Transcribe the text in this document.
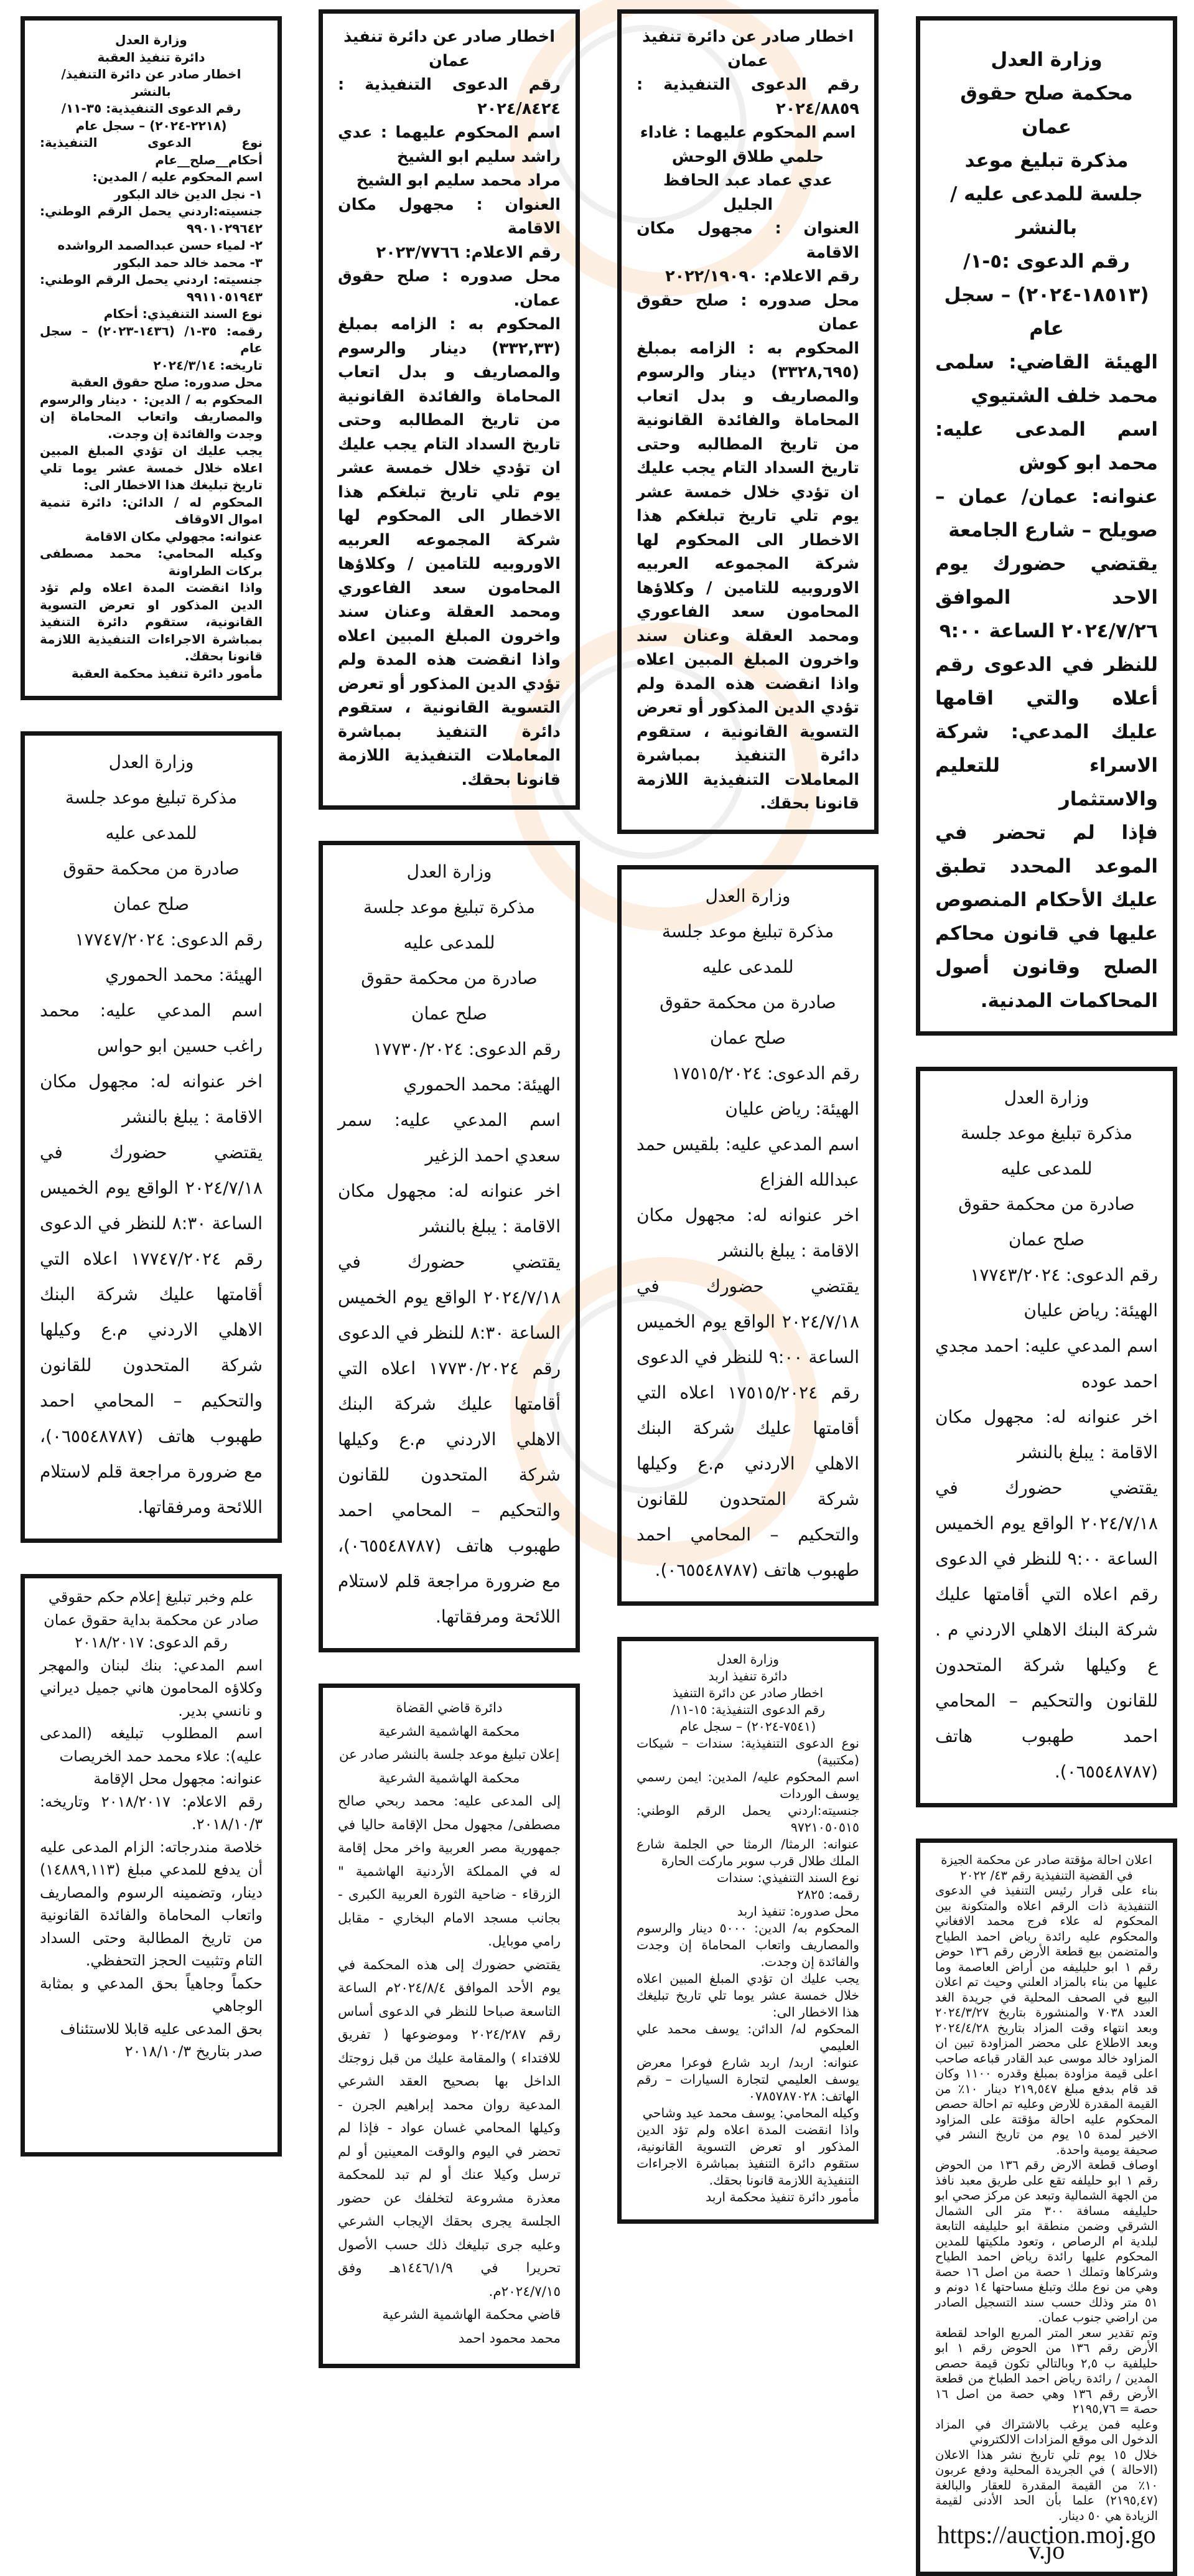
وزارة العدل

محكمة صلح حقوق عمان

مذكرة تبليغ موعد جلسة للمدعى عليه / بالنشر

رقم الدعوى :٥-١/ (١٨٥١٣-٢٠٢٤) – سجل عام

الهيئة القاضي: سلمى محمد خلف الشتيوي

اسم المدعى عليه: محمد ابو كوش

عنوانه: عمان/ عمان – صويلح – شارع الجامعة

يقتضي حضورك يوم الاحد الموافق ٢٠٢٤/٧/٢٦ الساعة ٩:٠٠

للنظر في الدعوى رقم أعلاه والتي اقامها عليك المدعي: شركة الاسراء للتعليم والاستثمار

فإذا لم تحضر في الموعد المحدد تطبق عليك الأحكام المنصوص عليها في قانون محاكم الصلح وقانون أصول المحاكمات المدنية.

وزارة العدل

مذكرة تبليغ موعد جلسة للمدعى عليه

صادرة من محكمة حقوق

صلح عمان

رقم الدعوى: ١٧٧٤٣/٢٠٢٤

الهيئة: رياض عليان

اسم المدعي عليه: احمد مجدي احمد عوده

اخر عنوانه له: مجهول مكان الاقامة : يبلغ بالنشر

يقتضي حضورك في ٢٠٢٤/٧/١٨ الواقع يوم الخميس الساعة ٩:٠٠ للنظر في الدعوى رقم اعلاه التي أقامتها عليك شركة البنك الاهلي الاردني م . ع وكيلها شركة المتحدون للقانون والتحكيم – المحامي احمد طهبوب هاتف (٠٦٥٥٤٨٧٨٧).

اعلان احالة مؤقتة صادر عن محكمة الجيزة في القضية التنفيذية رقم ٤٣/ ٢٠٢٢

بناء على قرار رئيس التنفيذ في الدعوى التنفيذية ذات الرقم اعلاه والمتكونة بين المحكوم له علاء فرج محمد الافغاني والمحكوم عليه رائدة رياض احمد الطياح والمتضمن بيع قطعة الأرض رقم ١٣٦ حوض رقم ١ ابو حليليفه من أراض العاصمة وما عليها من بناء بالمزاد العلني وحيث تم اعلان البيع في الصحف المحلية في جريدة الغد العدد ٧٠٣٨ والمنشورة بتاريخ ٢٠٢٤/٣/٢٧ وبعد انتهاء وقت المزاد بتاريخ ٢٠٢٤/٤/٢٨ وبعد الاطلاع على محضر المزاودة تبين ان المزاود خالد موسى عبد القادر قباعه صاحب اعلى قيمة مزاودة بمبلغ وقدره ١١٠٠ وكان قد قام بدفع مبلغ ٢١٩,٥٤٧ دينار ١٠٪ من القيمة المقدرة للارض وعليه تم احالة حصص المحكوم عليه احالة مؤقتة على المزاود الاخير لمدة ١٥ يوم من تاريخ النشر في صحيفة يومية واحدة.

اوصاف قطعة الارض رقم ١٣٦ من الحوض رقم ١ ابو حليلفه تقع على طريق معبد نافذ من الجهة الشمالية وتبعد عن مركز صحي ابو حليليفه مسافة ٣٠٠ متر الى الشمال الشرقي وضمن منطقة ابو حليليفه التابعة لبلدية ام الرصاص ، وتعود ملكيتها للمدين المحكوم عليها رائدة رياض احمد الطياح وشركاها وتملك ١ حصة من اصل ١٦ حصة وهي من نوع ملك وتبلغ مساحتها ١٤ دونم و ٥١ متر وذلك حسب سند التسجيل الصادر من اراضي جنوب عمان.

وتم تقدير سعر المتر المربع الواحد لقطعة الأرض رقم ١٣٦ من الحوض رقم ١ ابو حليلفية ب ٢,٥ وبالتالي تكون قيمة حصص المدين / رائدة رياض احمد الطباخ من قطعة الأرض رقم ١٣٦ وهي حصة من اصل ١٦ حصة = ٢١٩٥,٧٦

وعليه فمن يرغب بالاشتراك في المزاد الدخول الى موقع المزادات الالكتروني

خلال ١٥ يوم تلي تاريخ نشر هذا الاعلان (الاحالة ) في الجريدة المحلية ودفع عربون ١٠٪ من القيمة المقدرة للعقار والبالغة (٢١٩٥,٤٧) علما بأن الحد الأدنى لقيمة الزيادة هي ٥٠ دينار.

https://auction.moj.gov.jo

اخطار صادر عن دائرة تنفيذ عمان

رقم الدعوى التنفيذية : ٢٠٢٤/٨٨٥٩

اسم المحكوم عليهما : غاداء حلمي طلاق الوحش

عدي عماد عبد الحافظ الجليل

العنوان : مجهول مكان الاقامة

رقم الاعلام: ٢٠٢٢/١٩٠٩٠

محل صدوره : صلح حقوق عمان

المحكوم به : الزامه بمبلغ (٣٣٢٨,٦٩٥) دينار والرسوم والمصاريف و بدل اتعاب المحاماة والفائدة القانونية من تاريخ المطالبه وحتى تاريخ السداد التام يجب عليك ان تؤدي خلال خمسة عشر يوم تلي تاريخ تبلغكم هذا الاخطار الى المحكوم لها شركة المجموعه العربيه الاوروبيه للتامين / وكلاؤها المحامون سعد الفاعوري ومحمد العقلة وعنان سند واخرون المبلغ المبين اعلاه واذا انقضت هذه المدة ولم تؤدي الدين المذكور أو تعرض التسوية القانونية ، ستقوم دائرة التنفيذ بمباشرة المعاملات التنفيذية اللازمة قانونا بحقك.

وزارة العدل

مذكرة تبليغ موعد جلسة للمدعى عليه

صادرة من محكمة حقوق

صلح عمان

رقم الدعوى: ١٧٥١٥/٢٠٢٤

الهيئة: رياض عليان

اسم المدعي عليه: بلقيس حمد عبدالله الفزاع

اخر عنوانه له: مجهول مكان الاقامة : يبلغ بالنشر

يقتضي حضورك في ٢٠٢٤/٧/١٨ الواقع يوم الخميس الساعة ٩:٠٠ للنظر في الدعوى رقم ١٧٥١٥/٢٠٢٤ اعلاه التي أقامتها عليك شركة البنك الاهلي الاردني م.ع وكيلها شركة المتحدون للقانون والتحكيم – المحامي احمد طهبوب هاتف (٠٦٥٥٤٨٧٨٧).

وزارة العدل

دائرة تنفيذ اربد

اخطار صادر عن دائرة التنفيذ

رقم الدعوى التنفيذية: ١٥-١١/ (٧٥٤١-٢٠٢٤) – سجل عام

نوع الدعوى التنفيذية: سندات – شيكات (مكتبية)

اسم المحكوم عليه/ المدين: ايمن رسمي يوسف الوردات

جنسيته:اردني يحمل الرقم الوطني: ٩٧٢١٠٥٠٥١٥

عنوانه: الرمثا/ الرمثا حي الجلمة شارع الملك طلال قرب سوبر ماركت الحارة

نوع السند التنفيذي: سندات

رقمه: ٢٨٢٥

محل صدوره: تنفيذ اربد

المحكوم به/ الدين: ٥٠٠٠ دينار والرسوم والمصاريف واتعاب المحاماة إن وجدت والفائدة إن وجدت.

يجب عليك ان تؤدي المبلغ المبين اعلاه خلال خمسة عشر يوما تلي تاريخ تبليغك هذا الاخطار الى:

المحكوم له/ الدائن: يوسف محمد علي العليمي

عنوانه: اربد/ اربد شارع فوعرا معرض يوسف العليمي لتجارة السيارات – رقم الهاتف: ٠٧٨٥٧٨٧٠٢٨

وكيله المحامي: يوسف محمد عيد وشاحي

واذا انقضت المدة اعلاه ولم تؤد الدين المذكور او تعرض التسوية القانونية، ستقوم دائرة التنفيذ بمباشرة الاجراءات التنفيذية اللازمة قانونا بحقك.

مأمور دائرة تنفيذ محكمة اربد

اخطار صادر عن دائرة تنفيذ عمان

رقم الدعوى التنفيذية : ٢٠٢٤/٨٤٢٤

اسم المحكوم عليهما : عدي راشد سليم ابو الشيخ

مراد محمد سليم ابو الشيخ

العنوان : مجهول مكان الاقامة

رقم الاعلام: ٢٠٢٣/٧٧٦٦

محل صدوره : صلح حقوق عمان.

المحكوم به : الزامه بمبلغ (٣٣٢,٣٣) دينار والرسوم والمصاريف و بدل اتعاب المحاماة والفائدة القانونية من تاريخ المطالبه وحتى تاريخ السداد التام يجب عليك ان تؤدي خلال خمسة عشر يوم تلي تاريخ تبلغكم هذا الاخطار الى المحكوم لها شركة المجموعه العربيه الاوروبيه للتامين / وكلاؤها المحامون سعد الفاعوري ومحمد العقلة وعنان سند واخرون المبلغ المبين اعلاه واذا انقضت هذه المدة ولم تؤدي الدين المذكور أو تعرض التسوية القانونية ، ستقوم دائرة التنفيذ بمباشرة المعاملات التنفيذية اللازمة قانونا بحقك.

وزارة العدل

مذكرة تبليغ موعد جلسة للمدعى عليه

صادرة من محكمة حقوق

صلح عمان

رقم الدعوى: ١٧٧٣٠/٢٠٢٤

الهيئة: محمد الحموري

اسم المدعي عليه: سمر سعدي احمد الزغير

اخر عنوانه له: مجهول مكان الاقامة : يبلغ بالنشر

يقتضي حضورك في ٢٠٢٤/٧/١٨ الواقع يوم الخميس الساعة ٨:٣٠ للنظر في الدعوى رقم ١٧٧٣٠/٢٠٢٤ اعلاه التي أقامتها عليك شركة البنك الاهلي الاردني م.ع وكيلها شركة المتحدون للقانون والتحكيم – المحامي احمد طهبوب هاتف (٠٦٥٥٤٨٧٨٧)، مع ضرورة مراجعة قلم لاستلام اللائحة ومرفقاتها.

دائرة قاضي القضاة

محكمة الهاشمية الشرعية

إعلان تبليغ موعد جلسة بالنشر صادر عن

محكمة الهاشمية الشرعية

إلى المدعى عليه: محمد ربحي صالح مصطفى/ مجهول محل الإقامة حاليا في جمهورية مصر العربية واخر محل إقامة له في المملكة الأردنية الهاشمية " الزرقاء - ضاحية الثورة العربية الكبرى - بجانب مسجد الامام البخاري - مقابل رامي موبايل.

يقتضي حضورك إلى هذه المحكمة في يوم الأحد الموافق ٢٠٢٤/٨/٤م الساعة التاسعة صباحا للنظر في الدعوى أساس رقم ٢٠٢٤/٢٨٧ وموضوعها ( تفريق للافتداء ) والمقامة عليك من قبل زوجتك الداخل بها بصحيح العقد الشرعي المدعية روان محمد إبراهيم الجرن - وكيلها المحامي غسان عواد - فإذا لم تحضر في اليوم والوقت المعينين أو لم ترسل وكيلا عنك أو لم تبد للمحكمة معذرة مشروعة لتخلفك عن حضور الجلسة يجرى بحقك الإيجاب الشرعي وعليه جرى تبليغك ذلك حسب الأصول تحريرا في ١٤٤٦/١/٩هـ وفق ٢٠٢٤/٧/١٥م.

قاضي محكمة الهاشمية الشرعية

محمد محمود احمد

وزارة العدل

دائرة تنفيذ العقبة

اخطار صادر عن دائرة التنفيذ/ بالنشر

رقم الدعوى التنفيذية: ٣٥-١١/ (٢٢١٨-٢٠٢٤) – سجل عام

نوع الدعوى التنفيذية: أحكام__صلح__عام

اسم المحكوم عليه / المدين:

١- نجل الدين خالد البكور

جنسيته:اردني يحمل الرقم الوطني: ٩٩٠١٠٢٩٦٤٢

٢- لمياء حسن عبدالصمد الرواشده

٣- محمد خالد حمد البكور

جنسيته: اردني يحمل الرقم الوطني: ٩٩١١٠٥١٩٤٣

نوع السند التنفيذي: أحكام

رقمه: ٣٥-١/ (١٤٣٦-٢٠٢٣) – سجل عام

تاريخه: ٢٠٢٤/٣/١٤

محل صدوره: صلح حقوق العقبة

المحكوم به / الدين: ٠ دينار والرسوم والمصاريف واتعاب المحاماة إن وجدت والفائدة إن وجدت.

يجب عليك ان تؤدي المبلغ المبين اعلاه خلال خمسة عشر يوما تلي تاريخ تبليغك هذا الاخطار الى:

المحكوم له / الدائن: دائرة تنمية اموال الاوقاف

عنوانه: مجهولي مكان الاقامة

وكيله المحامي: محمد مصطفى بركات الطراونة

واذا انقضت المدة اعلاه ولم تؤد الدين المذكور او تعرض التسوية القانونية، ستقوم دائرة التنفيذ بمباشرة الاجراءات التنفيذية اللازمة قانونا بحقك.

مأمور دائرة تنفيذ محكمة العقبة

وزارة العدل

مذكرة تبليغ موعد جلسة للمدعى عليه

صادرة من محكمة حقوق

صلح عمان

رقم الدعوى: ١٧٧٤٧/٢٠٢٤

الهيئة: محمد الحموري

اسم المدعي عليه: محمد راغب حسين ابو حواس

اخر عنوانه له: مجهول مكان الاقامة : يبلغ بالنشر

يقتضي حضورك في ٢٠٢٤/٧/١٨ الواقع يوم الخميس الساعة ٨:٣٠ للنظر في الدعوى رقم ١٧٧٤٧/٢٠٢٤ اعلاه التي أقامتها عليك شركة البنك الاهلي الاردني م.ع وكيلها شركة المتحدون للقانون والتحكيم – المحامي احمد طهبوب هاتف (٠٦٥٥٤٨٧٨٧)، مع ضرورة مراجعة قلم لاستلام اللائحة ومرفقاتها.

علم وخبر تبليغ إعلام حكم حقوقي صادر عن محكمة بداية حقوق عمان

رقم الدعوى: ٢٠١٨/٢٠١٧

اسم المدعي: بنك لبنان والمهجر وكلاؤه المحامون هاني جميل ديراني و نانسي بدير.

اسم المطلوب تبليغه (المدعى عليه): علاء محمد حمد الخريصات

عنوانه: مجهول محل الإقامة

رقم الاعلام: ٢٠١٨/٢٠١٧ وتاريخه: ٢٠١٨/١٠/٣.

خلاصة مندرجاته: الزام المدعى عليه أن يدفع للمدعي مبلغ (١٤٨٨٩,١١٣) دينار، وتضمينه الرسوم والمصاريف واتعاب المحاماة والفائدة القانونية من تاريخ المطالبة وحتى السداد التام وتثبيت الحجز التحفظي.

حكماً وجاهياً بحق المدعي و بمثابة الوجاهي

بحق المدعى عليه قابلا للاستئناف

صدر بتاريخ ٢٠١٨/١٠/٣
